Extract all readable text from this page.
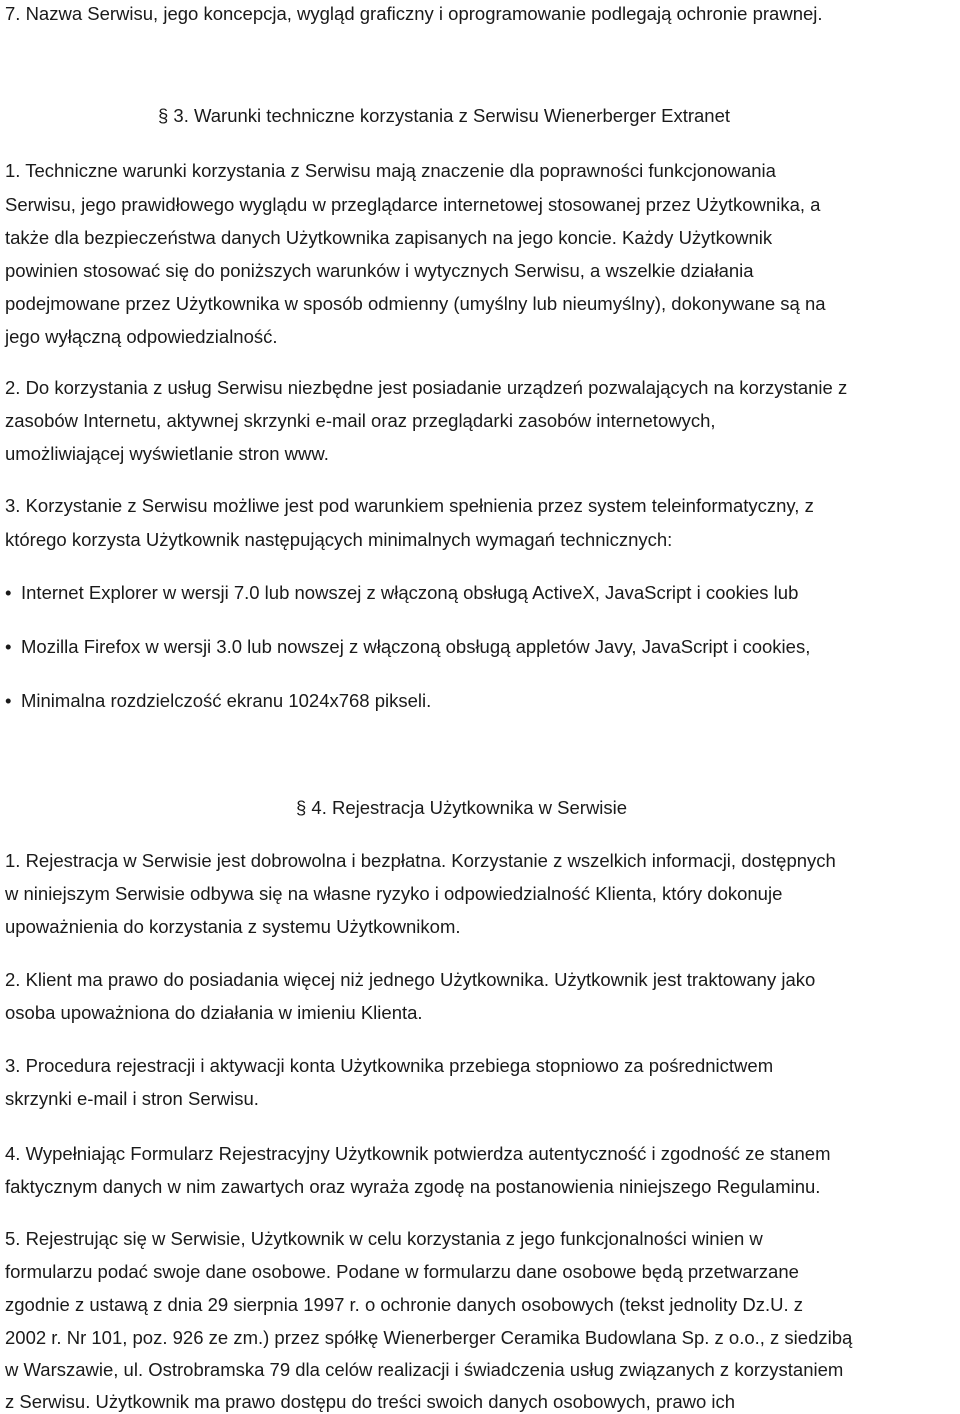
7. Nazwa Serwisu, jego koncepcja, wygląd graficzny i oprogramowanie podlegają ochronie prawnej.
§ 3. Warunki techniczne korzystania z Serwisu Wienerberger Extranet
1. Techniczne warunki korzystania z Serwisu mają znaczenie dla poprawności funkcjonowania
Serwisu, jego prawidłowego wyglądu w przeglądarce internetowej stosowanej przez Użytkownika, a
także dla bezpieczeństwa danych Użytkownika zapisanych na jego koncie. Każdy Użytkownik
powinien stosować się do poniższych warunków i wytycznych Serwisu, a wszelkie działania
podejmowane przez Użytkownika w sposób odmienny (umyślny lub nieumyślny), dokonywane są na
jego wyłączną odpowiedzialność.
2. Do korzystania z usług Serwisu niezbędne jest posiadanie urządzeń pozwalających na korzystanie z
zasobów Internetu, aktywnej skrzynki e-mail oraz przeglądarki zasobów internetowych,
umożliwiającej wyświetlanie stron www.
3. Korzystanie z Serwisu możliwe jest pod warunkiem spełnienia przez system teleinformatyczny, z
którego korzysta Użytkownik następujących minimalnych wymagań technicznych:
• Internet Explorer w wersji 7.0 lub nowszej z włączoną obsługą ActiveX, JavaScript i cookies lub
• Mozilla Firefox w wersji 3.0 lub nowszej z włączoną obsługą appletów Javy, JavaScript i cookies,
• Minimalna rozdzielczość ekranu 1024x768 pikseli.
§ 4. Rejestracja Użytkownika w Serwisie
1. Rejestracja w Serwisie jest dobrowolna i bezpłatna. Korzystanie z wszelkich informacji, dostępnych
w niniejszym Serwisie odbywa się na własne ryzyko i odpowiedzialność Klienta, który dokonuje
upoważnienia do korzystania z systemu Użytkownikom.
2. Klient ma prawo do posiadania więcej niż jednego Użytkownika. Użytkownik jest traktowany jako
osoba upoważniona do działania w imieniu Klienta.
3. Procedura rejestracji i aktywacji konta Użytkownika przebiega stopniowo za pośrednictwem
skrzynki e-mail i stron Serwisu.
4. Wypełniając Formularz Rejestracyjny Użytkownik potwierdza autentyczność i zgodność ze stanem
faktycznym danych w nim zawartych oraz wyraża zgodę na postanowienia niniejszego Regulaminu.
5. Rejestrując się w Serwisie, Użytkownik w celu korzystania z jego funkcjonalności winien w
formularzu podać swoje dane osobowe. Podane w formularzu dane osobowe będą przetwarzane
zgodnie z ustawą z dnia 29 sierpnia 1997 r. o ochronie danych osobowych (tekst jednolity Dz.U. z
2002 r. Nr 101, poz. 926 ze zm.) przez spółkę Wienerberger Ceramika Budowlana Sp. z o.o., z siedzibą
w Warszawie, ul. Ostrobramska 79 dla celów realizacji i świadczenia usług związanych z korzystaniem
z Serwisu. Użytkownik ma prawo dostępu do treści swoich danych osobowych, prawo ich
